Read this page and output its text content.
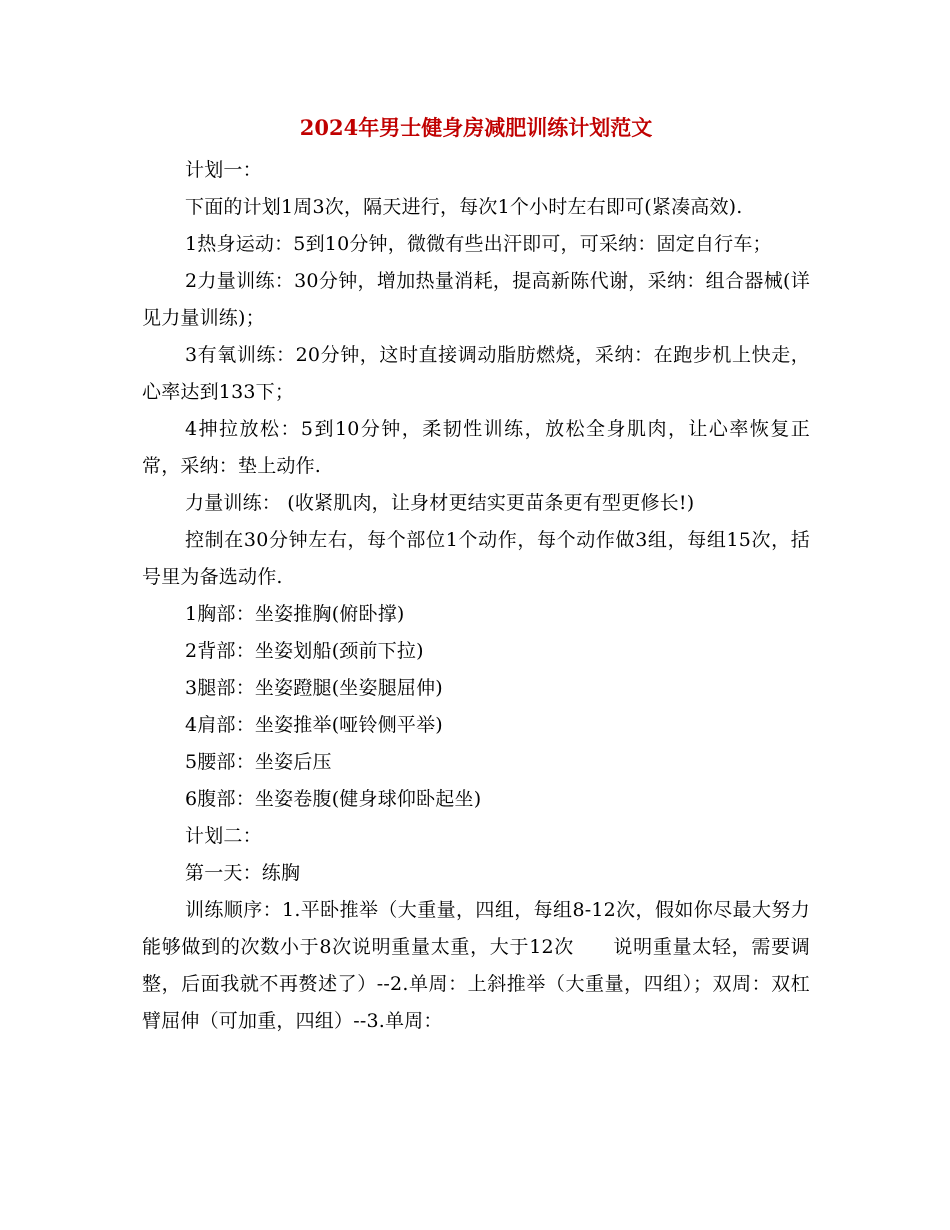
2024年男士健身房减肥训练计划范文

计划一：

下面的计划1周3次，隔天进行，每次1个小时左右即可(紧凑高效).

1热身运动：5到10分钟，微微有些出汗即可，可采纳：固定自行车；

2力量训练：30分钟，增加热量消耗，提高新陈代谢，采纳：组合器械(详见力量训练)；

3有氧训练：20分钟，这时直接调动脂肪燃烧，采纳：在跑步机上快走，心率达到133下；

4抻拉放松：5到10分钟，柔韧性训练，放松全身肌肉，让心率恢复正常，采纳：垫上动作.

力量训练： (收紧肌肉，让身材更结实更苗条更有型更修长!)

控制在30分钟左右，每个部位1个动作，每个动作做3组，每组15次，括号里为备选动作.

1胸部：坐姿推胸(俯卧撑)

2背部：坐姿划船(颈前下拉)

3腿部：坐姿蹬腿(坐姿腿屈伸)

4肩部：坐姿推举(哑铃侧平举)

5腰部：坐姿后压

6腹部：坐姿卷腹(健身球仰卧起坐)

计划二：

第一天：练胸

训练顺序：1.平卧推举（大重量，四组，每组8-12次，假如你尽最大努力能够做到的次数小于8次说明重量太重，大于12次　　说明重量太轻，需要调整，后面我就不再赘述了）--2.单周：上斜推举（大重量，四组）；双周：双杠臂屈伸（可加重，四组）--3.单周：
